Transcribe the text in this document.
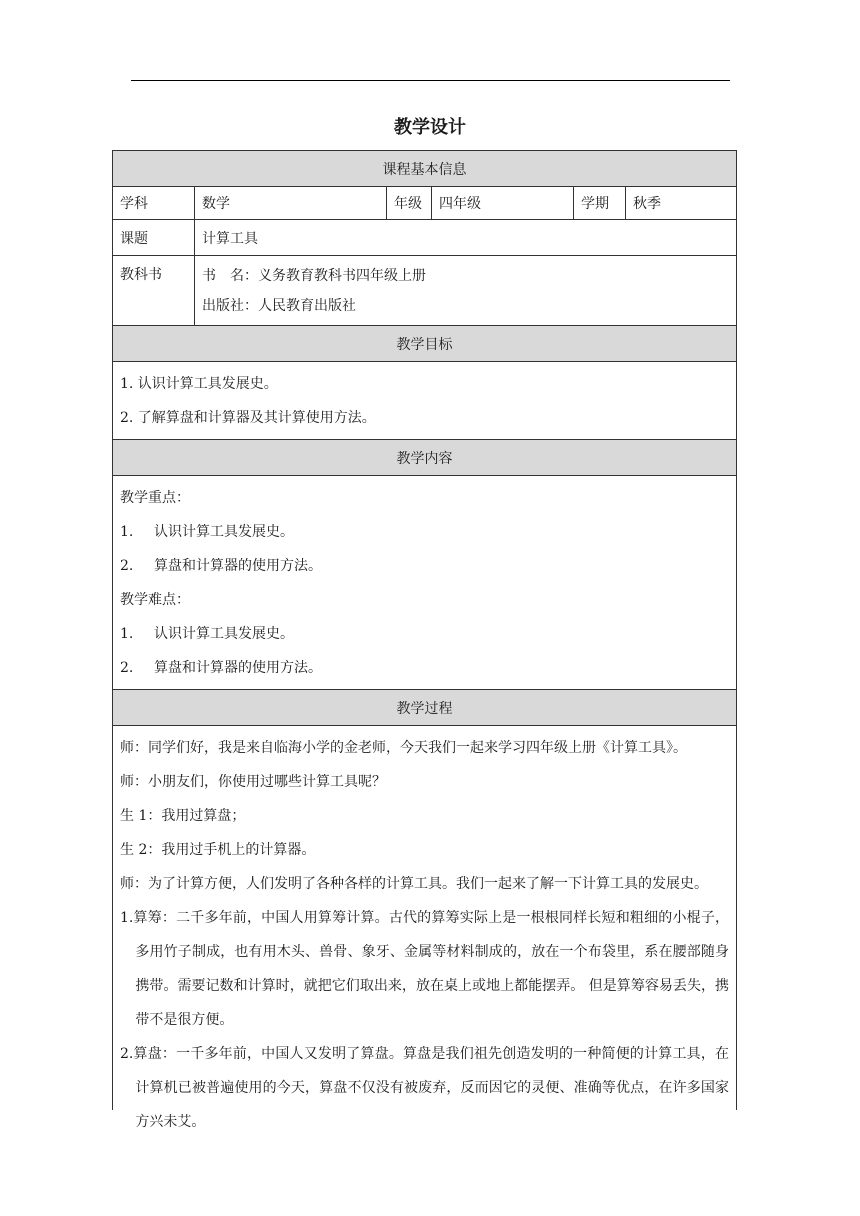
教学设计
课程基本信息
学科	数学	年级	四年级	学期	秋季
课题	计算工具
教科书	书　名：义务教育教科书四年级上册
出版社：人民教育出版社
教学目标
1. 认识计算工具发展史。
2. 了解算盘和计算器及其计算使用方法。
教学内容
教学重点：
1.	认识计算工具发展史。
2.	算盘和计算器的使用方法。
教学难点：
1.	认识计算工具发展史。
2.	算盘和计算器的使用方法。
教学过程
师：同学们好，我是来自临海小学的金老师，今天我们一起来学习四年级上册《计算工具》。
师：小朋友们，你使用过哪些计算工具呢？
生 1：我用过算盘；
生 2：我用过手机上的计算器。
师：为了计算方便，人们发明了各种各样的计算工具。我们一起来了解一下计算工具的发展史。
1.算筹：二千多年前，中国人用算筹计算。古代的算筹实际上是一根根同样长短和粗细的小棍子，多用竹子制成，也有用木头、兽骨、象牙、金属等材料制成的，放在一个布袋里，系在腰部随身携带。需要记数和计算时，就把它们取出来，放在桌上或地上都能摆弄。 但是算筹容易丢失，携带不是很方便。
2.算盘：一千多年前，中国人又发明了算盘。算盘是我们祖先创造发明的一种简便的计算工具，在计算机已被普遍使用的今天，算盘不仅没有被废弃，反而因它的灵便、准确等优点，在许多国家方兴未艾。
